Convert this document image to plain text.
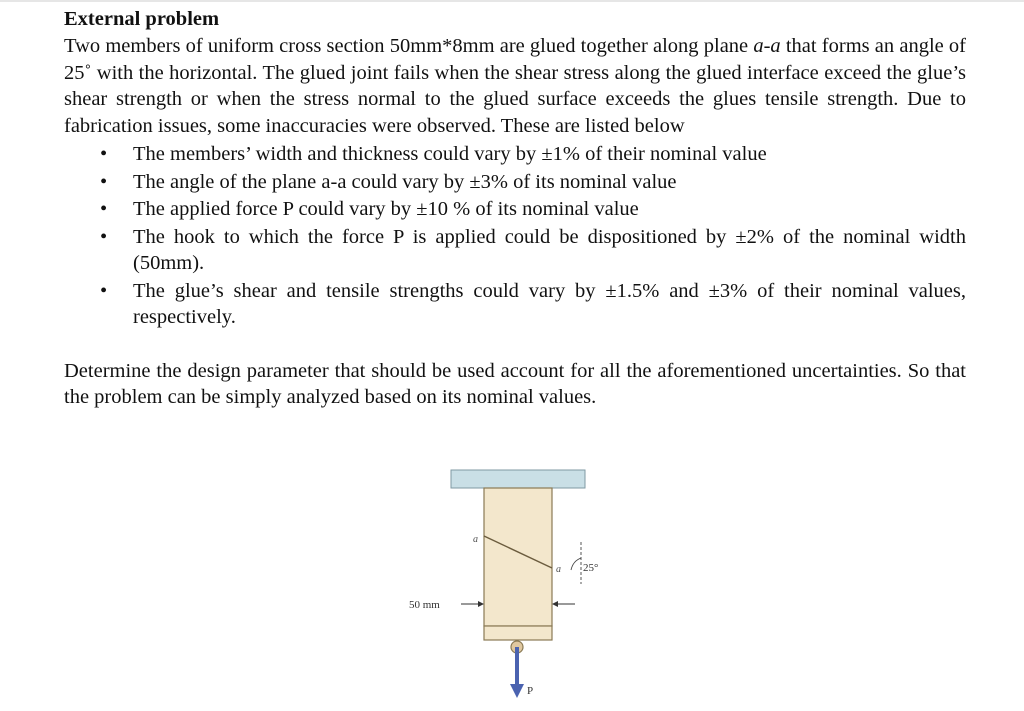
External problem

Two members of uniform cross section 50mm*8mm are glued together along plane a-a that forms an angle of 25˚ with the horizontal. The glued joint fails when the shear stress along the glued interface exceed the glue’s shear strength or when the stress normal to the glued surface exceeds the glues tensile strength. Due to fabrication issues, some inaccuracies were observed. These are listed below

• The members’ width and thickness could vary by ±1% of their nominal value
• The angle of the plane a-a could vary by ±3% of its nominal value
• The applied force P could vary by ±10 % of its nominal value
• The hook to which the force P is applied could be dispositioned by ±2% of the nominal width (50mm).
• The glue’s shear and tensile strengths could vary by ±1.5% and ±3% of their nominal values, respectively.

Determine the design parameter that should be used account for all the aforementioned uncertainties. So that the problem can be simply analyzed based on its nominal values.

a
a 25°
50 mm
P
